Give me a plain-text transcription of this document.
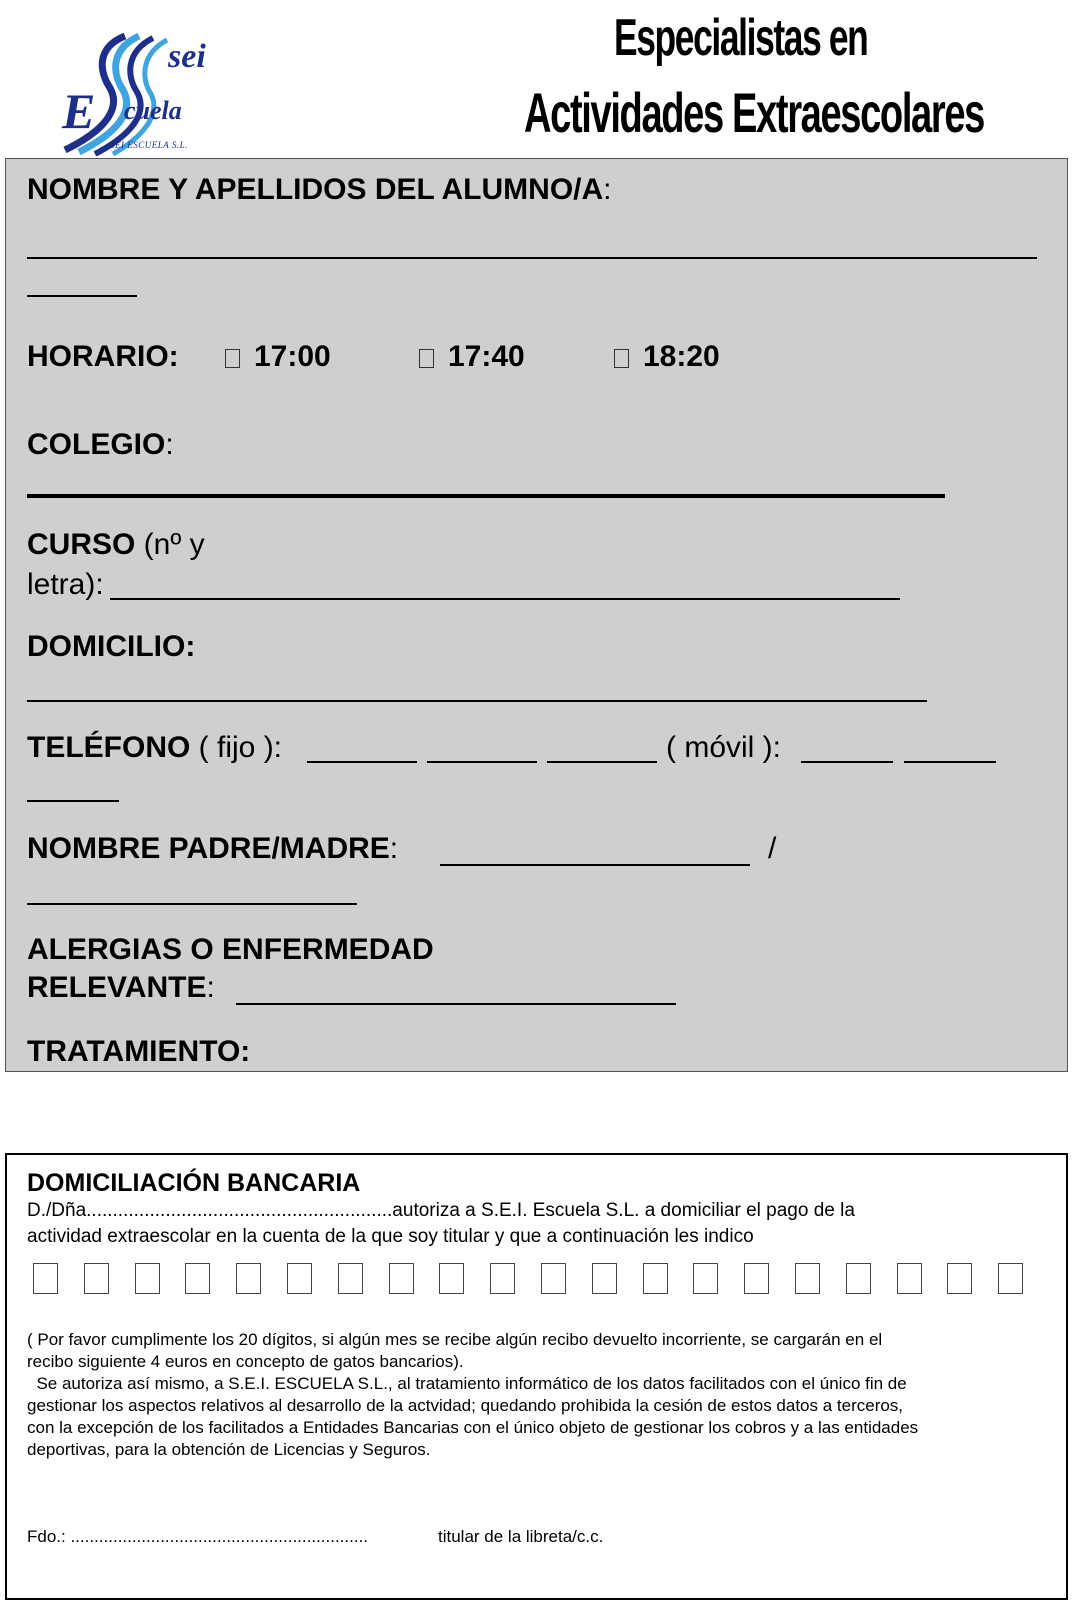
sei
E cuela
SEI ESCUELA S.L.
Especialistas en
Actividades Extraescolares
NOMBRE Y APELLIDOS DEL ALUMNO/A:
HORARIO:	17:00	17:40	18:20
COLEGIO:
CURSO (nº y
letra):
DOMICILIO:
TELÉFONO ( fijo ):	( móvil ):
NOMBRE PADRE/MADRE:	/
ALERGIAS O ENFERMEDAD
RELEVANTE:
TRATAMIENTO:
DOMICILIACIÓN BANCARIA
D./Dña..........................................................autoriza a S.E.I. Escuela S.L. a domiciliar el pago de la
actividad extraescolar en la cuenta de la que soy titular y que a continuación les indico
( Por favor cumplimente los 20 dígitos, si algún mes se recibe algún recibo devuelto incorriente, se cargarán en el
recibo siguiente 4 euros en concepto de gatos bancarios).
Se autoriza así mismo, a S.E.I. ESCUELA S.L., al tratamiento informático de los datos facilitados con el único fin de
gestionar los aspectos relativos al desarrollo de la actvidad; quedando prohibida la cesión de estos datos a terceros,
con la excepción de los facilitados a Entidades Bancarias con el único objeto de gestionar los cobros y a las entidades
deportivas, para la obtención de Licencias y Seguros.
Fdo.: ...............................................................	titular de la libreta/c.c.
